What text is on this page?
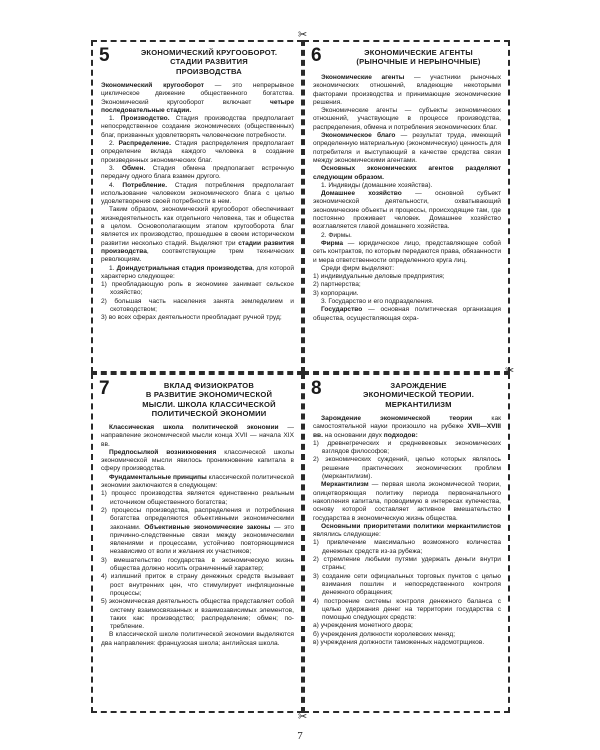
5	ЭКОНОМИЧЕСКИЙ КРУГООБОРОТ.
СТАДИИ РАЗВИТИЯ
ПРОИЗВОДСТВА

Экономический кругооборот — это непрерывное циклическое движение общественного богатства. Экономический кругооборот включает четыре последовательные стадии.

1. Производство. Стадия производства предполагает непосредственное создание экономических (общественных) благ, призванных удовлетворять человеческие потребности.

2. Распределение. Стадия распределения предполагает определение вклада каждого человека в создание произведенных экономических благ.

3. Обмен. Стадия обмена предполагает встречную передачу одного блага взамен другого.

4. Потребление. Стадия потребления предполагает использование человеком экономического блага с целью удовлетворения своей потребности в нем.

Таким образом, экономический кругооборот обеспечивает жизнедеятельность как отдельного человека, так и общества в целом. Основополагающим этапом кругооборота благ является их производство, прошедшее в своем историческом развитии несколько стадий. Выделяют три стадии развития производства, соответствующие трем технических революциям.

1. Доиндустриальная стадия производства, для которой характерно следующее:

1) преобладающую роль в экономике занимает сельское хозяйство;

2) большая часть населения занята земледелием и скотоводством;

3) во всех сферах деятельности преобладает ручной труд;

6	ЭКОНОМИЧЕСКИЕ АГЕНТЫ
(РЫНОЧНЫЕ И НЕРЫНОЧНЫЕ)

Экономические агенты — участники рыночных экономических отношений, владеющие некоторыми факторами производства и принимающие экономические решения.

Экономические агенты — субъекты экономических отношений, участвующие в процессе производства, распределения, обмена и потребления экономических благ.

Экономическое благо — результат труда, имеющий определенную материальную (экономическую) ценность для потребителя и выступающий в качестве средства связи между экономическими агентами.

Основных экономических агентов разделяют следующим образом.

1. Индивиды (домашние хозяйства).

Домашнее хозяйство — основной субъект экономической деятельности, охватывающий экономические объекты и процессы, происходящие там, где постоянно проживает человек. Домашнее хозяйство возглавляется главой домашнего хозяйства.

2. Фирмы.

Фирма — юридическое лицо, представляющее собой сеть контрактов, по которым передаются права, обязанности и мера ответственности определенного круга лиц.

Среди фирм выделяют:

1) индивидуальные деловые предприятия;

2) партнерства;

3) корпорации.

3. Государство и его подразделения.

Государство — основная политическая организация общества, осуществляющая охра-

7	ВКЛАД ФИЗИОКРАТОВ
В РАЗВИТИЕ ЭКОНОМИЧЕСКОЙ
МЫСЛИ. ШКОЛА КЛАССИЧЕСКОЙ
ПОЛИТИЧЕСКОЙ ЭКОНОМИИ

Классическая школа политической экономии — направление экономической мысли конца XVII — начала XIX вв.

Предпосылкой возникновения классической школы экономической мысли явилось проникновение капитала в сферу производства.

Фундаментальные принципы классической политической экономии заключаются в следующем:

1) процесс производства является единственно реальным источником общественного богатства;

2) процессы производства, распределения и потребления богатства определяются объективными экономическими законами. Объективные экономические законы — это причинно-следственные связи между экономическими явлениями и процессами, устойчиво повторяющимися независимо от воли и желания их участников;

3) вмешательство государства в экономическую жизнь общества должно носить ограниченный характер;

4) излишний приток в страну денежных средств вызывает рост внутренних цен, что стимулирует инфляционные процессы;

5) экономическая деятельность общества представляет собой систему взаимосвязанных и взаимозависимых элементов, таких как: производство; распределение; обмен; потребление.

В классической школе политической экономии выделяются два направления: французская школа; английская школа.

8	ЗАРОЖДЕНИЕ
ЭКОНОМИЧЕСКОЙ ТЕОРИИ.
МЕРКАНТИЛИЗМ

Зарождение экономической теории как самостоятельной науки произошло на рубеже XVII—XVIII вв. на основании двух подходов:

1) древнегреческих и средневековых экономических взглядов философов;

2) экономических суждений, целью которых являлось решение практических экономических проблем (меркантилизм).

Меркантилизм — первая школа экономической теории, олицетворяющая политику периода первоначального накопления капитала, проводимую в интересах купечества, основу которой составляет активное вмешательство государства в экономическую жизнь общества.

Основными приоритетами политики меркантилистов являлись следующие:

1) привлечение максимально возможного количества денежных средств из-за рубежа;

2) стремление любыми путями удержать деньги внутри страны;

3) создание сети официальных торговых пунктов с целью взимания пошлин и непосредственного контроля денежного обращения;

4) построение системы контроля денежного баланса с целью удержания денег на территории государства с помощью следующих средств:

а) учреждения монетного двора;

б) учреждения должности королевских меняд;

в) учреждения должности таможенных надсмотрщиков.

✂
✂
✂
7
